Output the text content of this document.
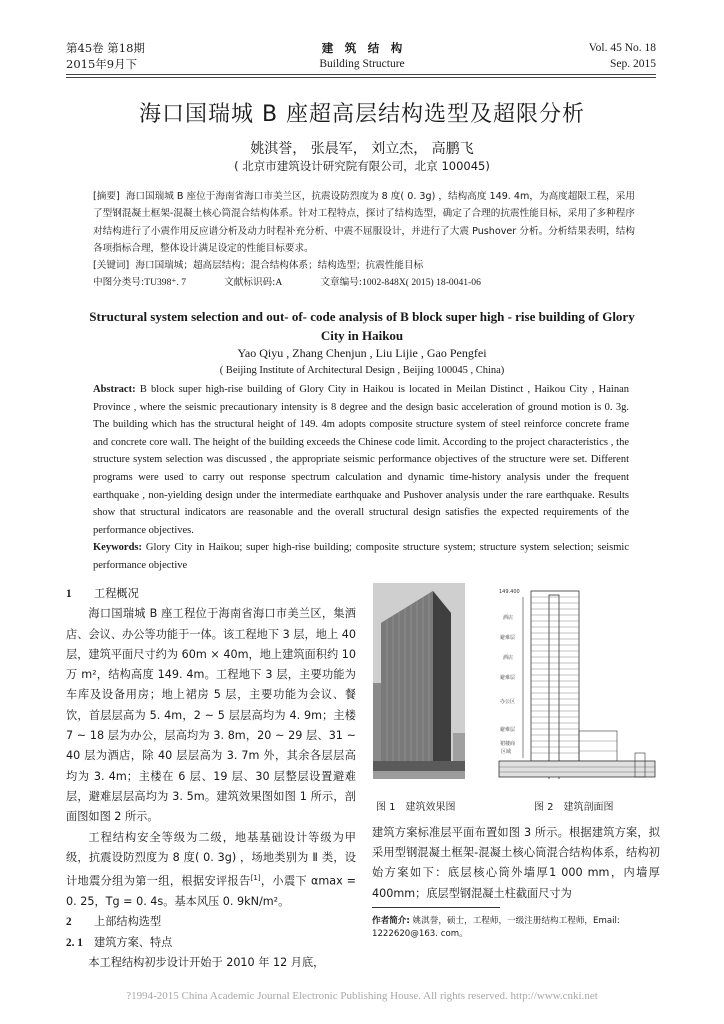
第45卷 第18期
2015年9月下
建　筑　结　构
Building Structure
Vol. 45 No. 18
Sep. 2015
海口国瑞城 B 座超高层结构选型及超限分析
姚淇誉， 张晨军， 刘立杰， 高鹏飞
( 北京市建筑设计研究院有限公司，北京 100045)

[摘要] 海口国瑞城 B 座位于海南省海口市美兰区，抗震设防烈度为 8 度( 0. 3g) ，结构高度 149. 4m，为高度超限工程，采用了型钢混凝土框架-混凝土核心筒混合结构体系。针对工程特点，探讨了结构选型，确定了合理的抗震性能目标，采用了多种程序对结构进行了小震作用反应谱分析及动力时程补充分析、中震不屈服设计，并进行了大震 Pushover 分析。分析结果表明，结构各项指标合理，整体设计满足设定的性能目标要求。

[关键词] 海口国瑞城；超高层结构；混合结构体系；结构选型；抗震性能目标

中图分类号:TU398⁺. 7	文献标识码:A	文章编号:1002-848X( 2015) 18-0041-06

Structural system selection and out- of- code analysis of B block super high - rise building of Glory City in Haikou
Yao Qiyu , Zhang Chenjun , Liu Lijie , Gao Pengfei
( Beijing Institute of Architectural Design , Beijing 100045 , China)

Abstract: B block super high-rise building of Glory City in Haikou is located in Meilan Distinct , Haikou City , Hainan Province , where the seismic precautionary intensity is 8 degree and the design basic acceleration of ground motion is 0. 3g. The building which has the structural height of 149. 4m adopts composite structure system of steel reinforce concrete frame and concrete core wall. The height of the building exceeds the Chinese code limit. According to the project characteristics , the structure system selection was discussed , the appropriate seismic performance objectives of the structure were set. Different programs were used to carry out response spectrum calculation and dynamic time-history analysis under the frequent earthquake , non-yielding design under the intermediate earthquake and Pushover analysis under the rare earthquake. Results show that structural indicators are reasonable and the overall structural design satisfies the expected requirements of the performance objectives.

Keywords: Glory City in Haikou; super high-rise building; composite structure system; structure system selection; seismic performance objective

1 工程概况

海口国瑞城 B 座工程位于海南省海口市美兰区，集酒店、会议、办公等功能于一体。该工程地下 3 层，地上 40 层，建筑平面尺寸约为 60m × 40m，地上建筑面积约 10 万 m²，结构高度 149. 4m。工程地下 3 层，主要功能为车库及设备用房；地上裙房 5 层，主要功能为会议、餐饮，首层层高为 5. 4m，2 ~ 5 层层高均为 4. 9m；主楼 7 ~ 18 层为办公，层高均为 3. 8m，20 ~ 29 层、31 ~ 40 层为酒店，除 40 层层高为 3. 7m 外，其余各层层高均为 3. 4m；主楼在 6 层、19 层、30 层整层设置避难层，避难层层高均为 3. 5m。建筑效果图如图 1 所示，剖面图如图 2 所示。

工程结构安全等级为二级，地基基础设计等级为甲级，抗震设防烈度为 8 度( 0. 3g) ，场地类别为 Ⅱ 类，设计地震分组为第一组，根据安评报告[1]，小震下 αmax = 0. 25，Tg = 0. 4s。基本风压 0. 9kN/m²。

2 上部结构选型

2. 1 建筑方案、特点

本工程结构初步设计开始于 2010 年 12 月底，

149.400
酒店
避难层
酒店
避难层
办公区
避难层
裙楼商
区域
图 1　建筑效果图	图 2　建筑剖面图

建筑方案标准层平面布置如图 3 所示。根据建筑方案，拟采用型钢混凝土框架-混凝土核心筒混合结构体系，结构初始方案如下：底层核心筒外墙厚1 000 mm，内墙厚 400mm；底层型钢混凝土柱截面尺寸为

作者简介: 姚淇誉，硕士，工程师，一级注册结构工程师，Email: 1222620@163. com。
?1994-2015 China Academic Journal Electronic Publishing House. All rights reserved. http://www.cnki.net
